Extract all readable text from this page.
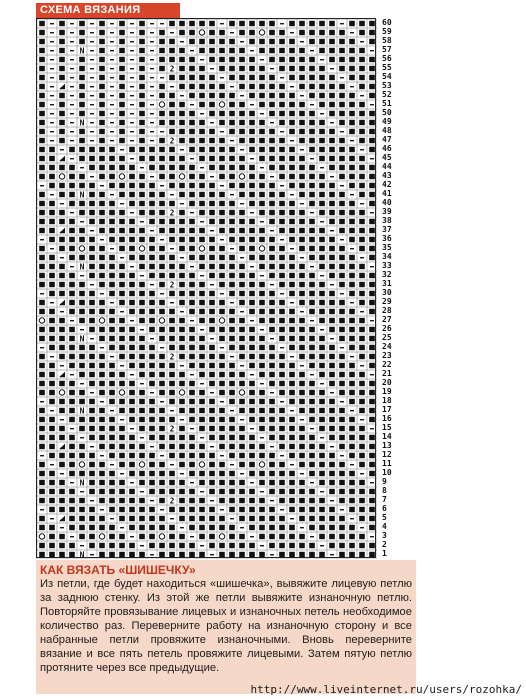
СХЕМА ВЯЗАНИЯ
N
2
N
2
N
2
N
2
N
2
N
2
N
2
N
60
59
58
57
56
55
54
53
52
51
50
49
48
47
46
45
44
43
42
41
40
39
38
37
36
35
34
33
32
31
30
29
28
27
26
25
24
23
22
21
20
19
18
17
16
15
14
13
12
11
10
9
8
7
6
5
4
3
2
1
КАК ВЯЗАТЬ «ШИШЕЧКУ»
Из петли, где будет находиться «шишечка», вывяжите лицевую петлю за заднюю стенку. Из этой же петли вывяжите изнаночную петлю. Повторяйте провязывание лицевых и изнаночных петель необходимое количество раз. Переверните работу на изнаночную сторону и все набранные петли провяжите изнаночными. Вновь переверните вязание и все пять петель провяжите лицевыми. Затем пятую петлю протяните через все предыдущие.
http://www.liveinternet.ru/users/rozohka/
